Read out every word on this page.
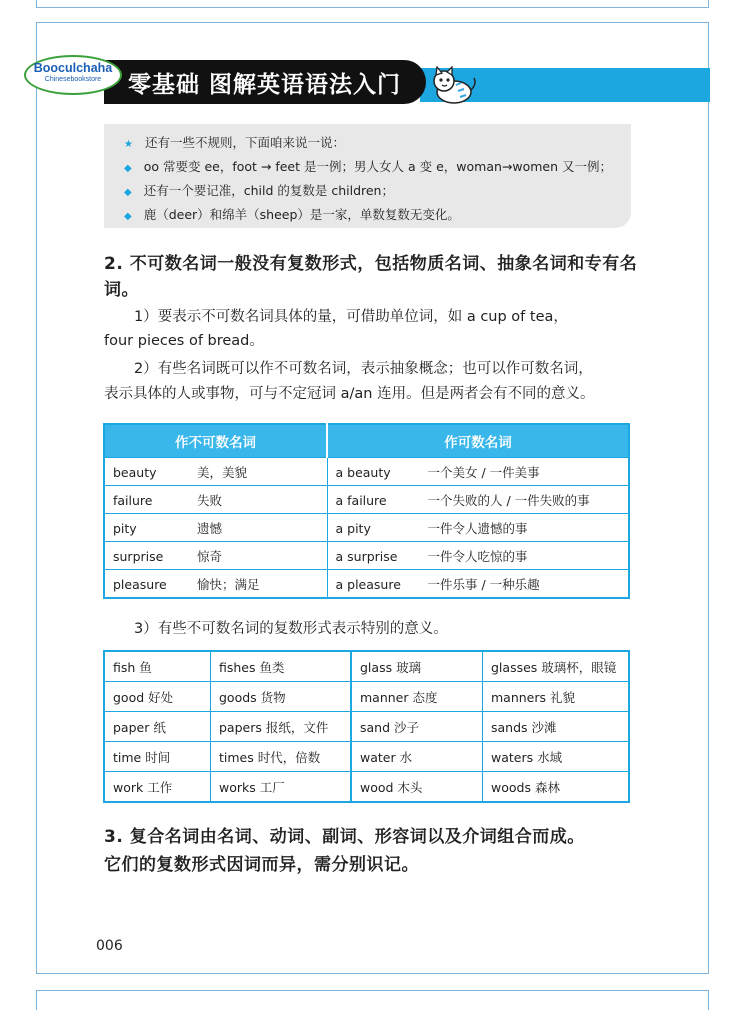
零基础 图解英语语法入门
Booculchaha
Chinesebookstore
★ 还有一些不规则，下面咱来说一说：
◆ oo 常要变 ee，foot → feet 是一例；男人女人 a 变 e，woman→women 又一例；
◆ 还有一个要记准，child 的复数是 children；
◆ 鹿（deer）和绵羊（sheep）是一家，单数复数无变化。
2. 不可数名词一般没有复数形式，包括物质名词、抽象名词和专有名词。
1）要表示不可数名词具体的量，可借助单位词，如 a cup of tea，
four pieces of bread。
2）有些名词既可以作不可数名词，表示抽象概念；也可以作可数名词，
表示具体的人或事物，可与不定冠词 a/an 连用。但是两者会有不同的意义。
作不可数名词	作可数名词
beauty 美，美貌	a beauty 一个美女 / 一件美事
failure 失败	a failure 一个失败的人 / 一件失败的事
pity 遗憾	a pity 一件令人遗憾的事
surprise 惊奇	a surprise 一件令人吃惊的事
pleasure 愉快；满足	a pleasure 一件乐事 / 一种乐趣
3）有些不可数名词的复数形式表示特别的意义。
fish 鱼	fishes 鱼类	glass 玻璃	glasses 玻璃杯，眼镜
good 好处	goods 货物	manner 态度	manners 礼貌
paper 纸	papers 报纸，文件	sand 沙子	sands 沙滩
time 时间	times 时代，倍数	water 水	waters 水域
work 工作	works 工厂	wood 木头	woods 森林
3. 复合名词由名词、动词、副词、形容词以及介词组合而成。
它们的复数形式因词而异，需分别识记。
006
